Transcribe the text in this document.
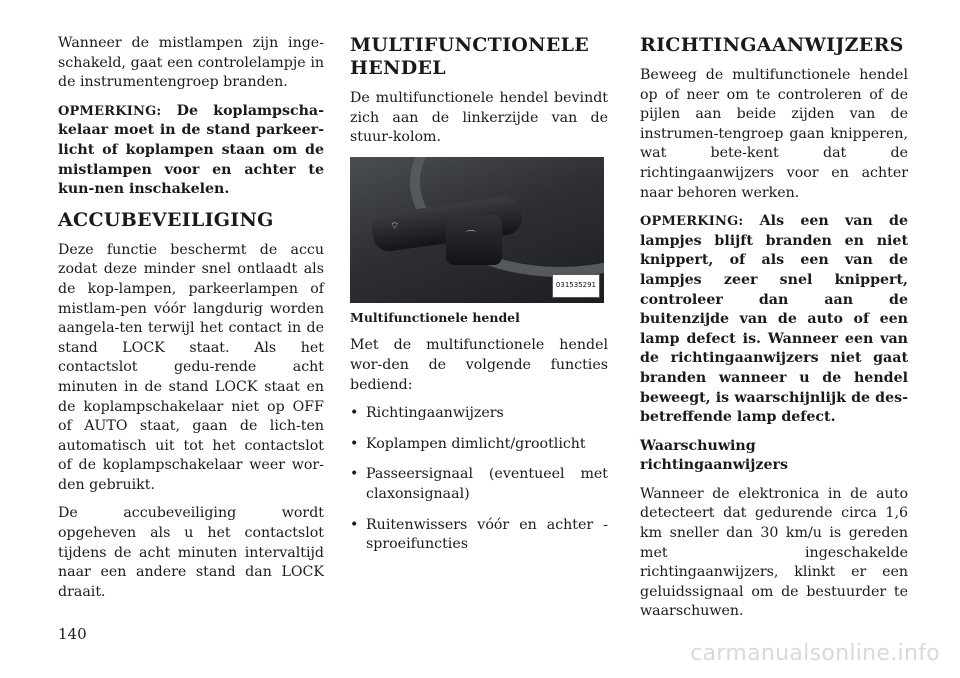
Wanneer de mistlampen zijn inge-schakeld, gaat een controlelampje in de instrumentengroep branden.

OPMERKING: De koplampscha-kelaar moet in de stand parkeer-licht of koplampen staan om de mistlampen voor en achter te kun-nen inschakelen.

ACCUBEVEILIGING

Deze functie beschermt de accu zodat deze minder snel ontlaadt als de kop-lampen, parkeerlampen of mistlam-pen vóór langdurig worden aangela-ten terwijl het contact in de stand LOCK staat. Als het contactslot gedu-rende acht minuten in de stand LOCK staat en de koplampschakelaar niet op OFF of AUTO staat, gaan de lich-ten automatisch uit tot het contactslot of de koplampschakelaar weer wor-den gebruikt.

De accubeveiliging wordt opgeheven als u het contactslot tijdens de acht minuten intervaltijd naar een andere stand dan LOCK draait.

MULTIFUNCTIONELE HENDEL

De multifunctionele hendel bevindt zich aan de linkerzijde van de stuur-kolom.

⌔
⌒
031535291

Multifunctionele hendel

Met de multifunctionele hendel wor-den de volgende functies bediend:

• Richtingaanwijzers
• Koplampen dimlicht/grootlicht
• Passeersignaal (eventueel met claxonsignaal)
• Ruitenwissers vóór en achter - sproeifuncties
RICHTINGAANWIJZERS

Beweeg de multifunctionele hendel op of neer om te controleren of de pijlen aan beide zijden van de instrumen-tengroep gaan knipperen, wat bete-kent dat de richtingaanwijzers voor en achter naar behoren werken.

OPMERKING: Als een van de lampjes blijft branden en niet knippert, of als een van de lampjes zeer snel knippert, controleer dan aan de buitenzijde van de auto of een lamp defect is. Wanneer een van de richtingaanwijzers niet gaat branden wanneer u de hendel beweegt, is waarschijnlijk de des-betreffende lamp defect.

Waarschuwing richtingaanwijzers

Wanneer de elektronica in de auto detecteert dat gedurende circa 1,6 km sneller dan 30 km/u is gereden met ingeschakelde richtingaanwijzers, klinkt er een geluidssignaal om de bestuurder te waarschuwen.

140
carmanualsonline.info
